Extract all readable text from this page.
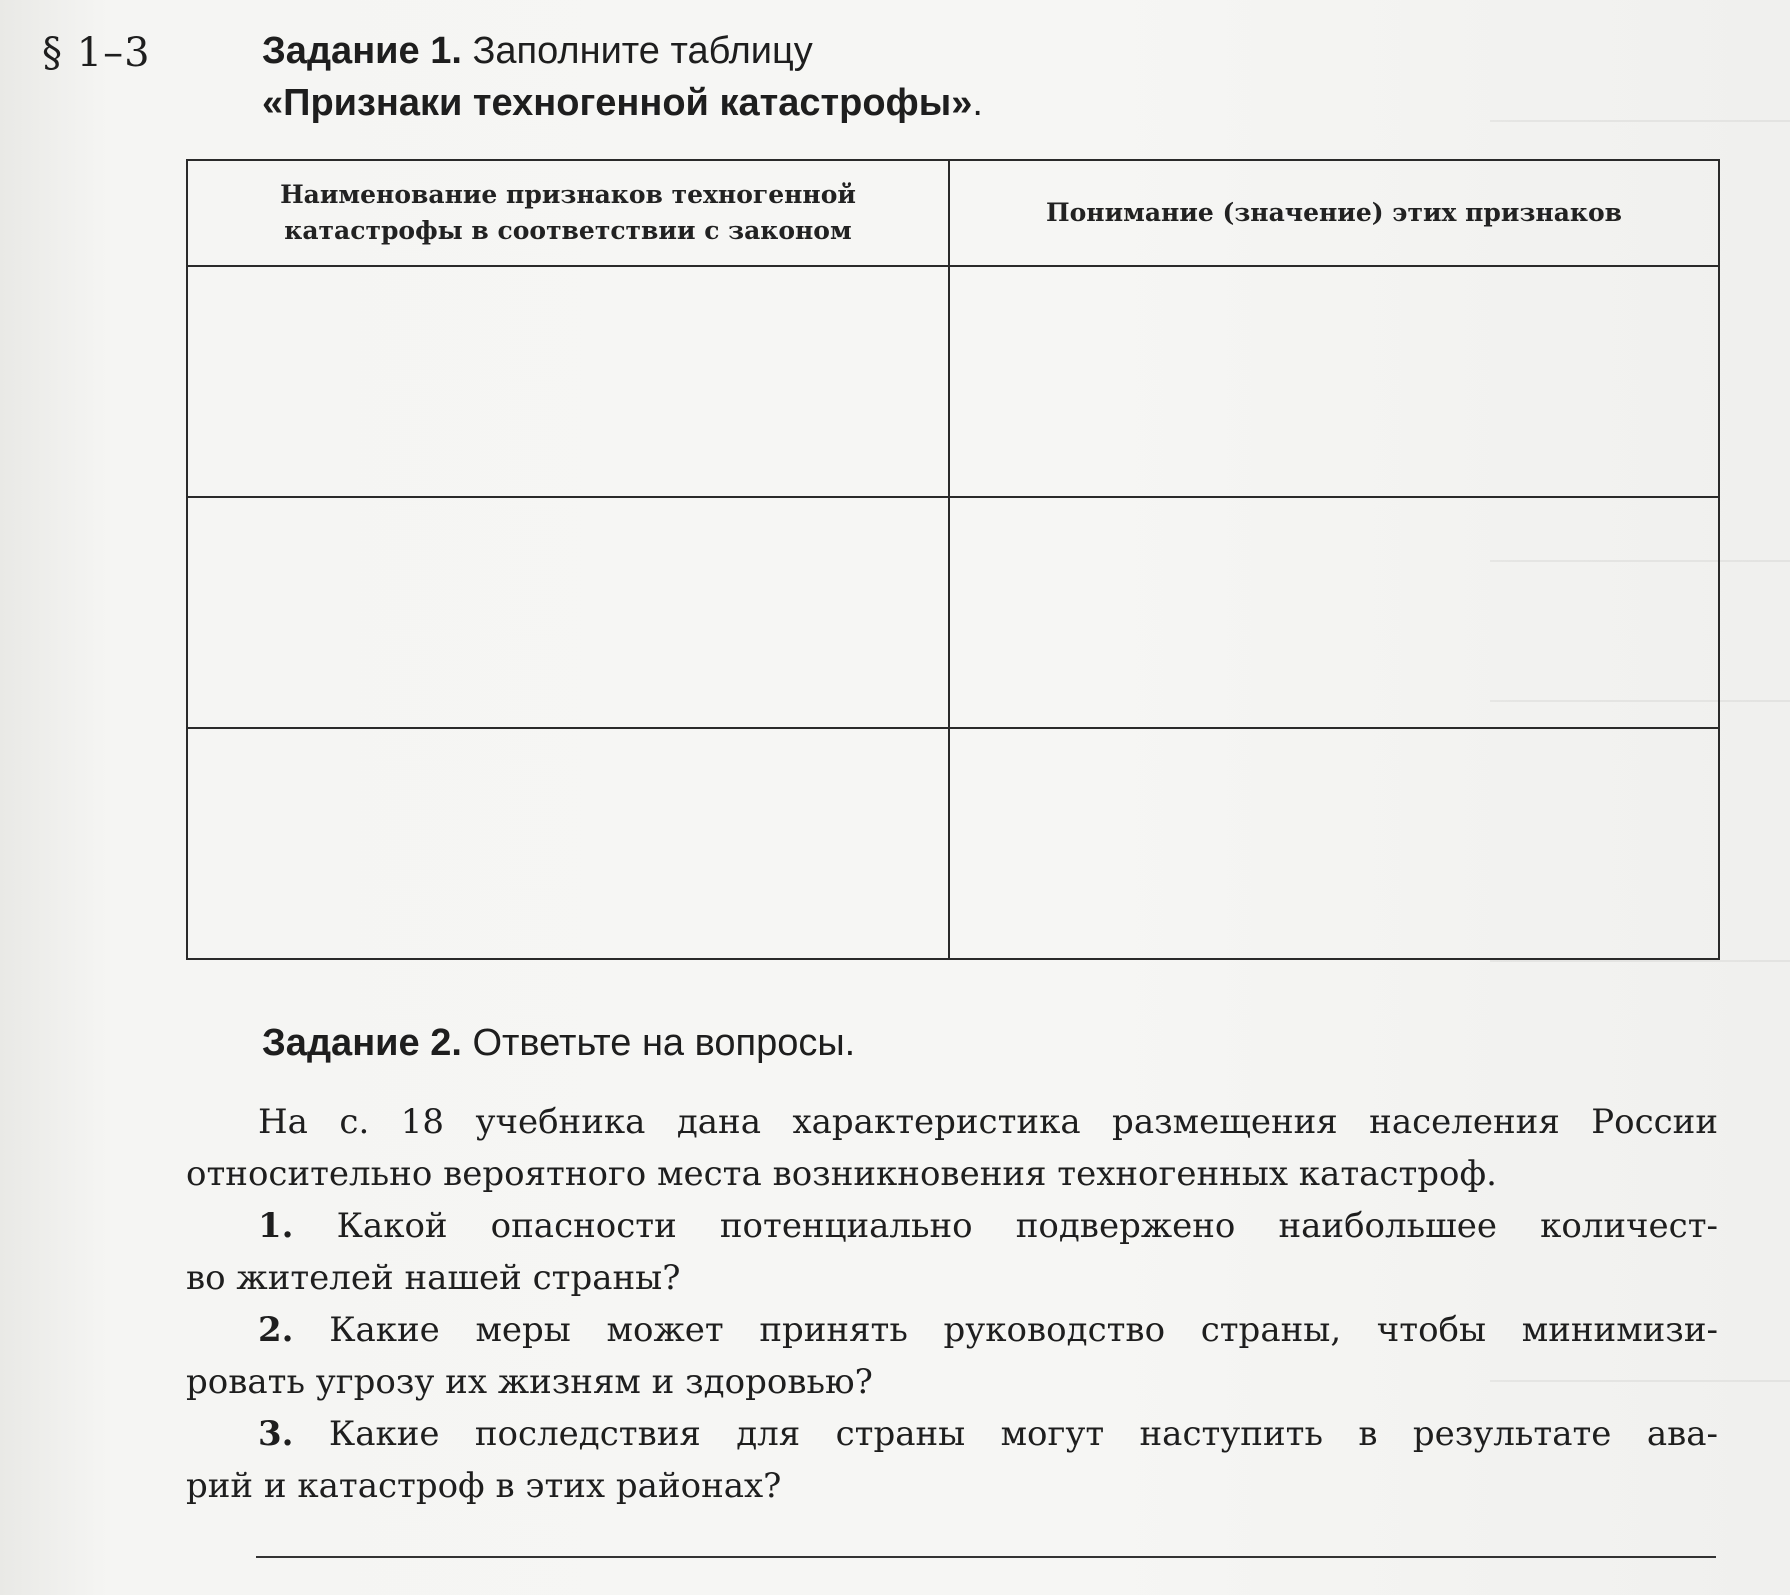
§ 1–3	Задание 1. Заполните таблицу
«Признаки техногенной катастрофы».
Наименование признаков техногенной катастрофы в соответствии с законом	Понимание (значение) этих признаков

Задание 2. Ответьте на вопросы.
На с. 18 учебника дана характеристика размещения населения России
относительно вероятного места возникновения техногенных катастроф.
1. Какой опасности потенциально подвержено наибольшее количест-
во жителей нашей страны?
2. Какие меры может принять руководство страны, чтобы минимизи-
ровать угрозу их жизням и здоровью?
3. Какие последствия для страны могут наступить в результате ава-
рий и катастроф в этих районах?
